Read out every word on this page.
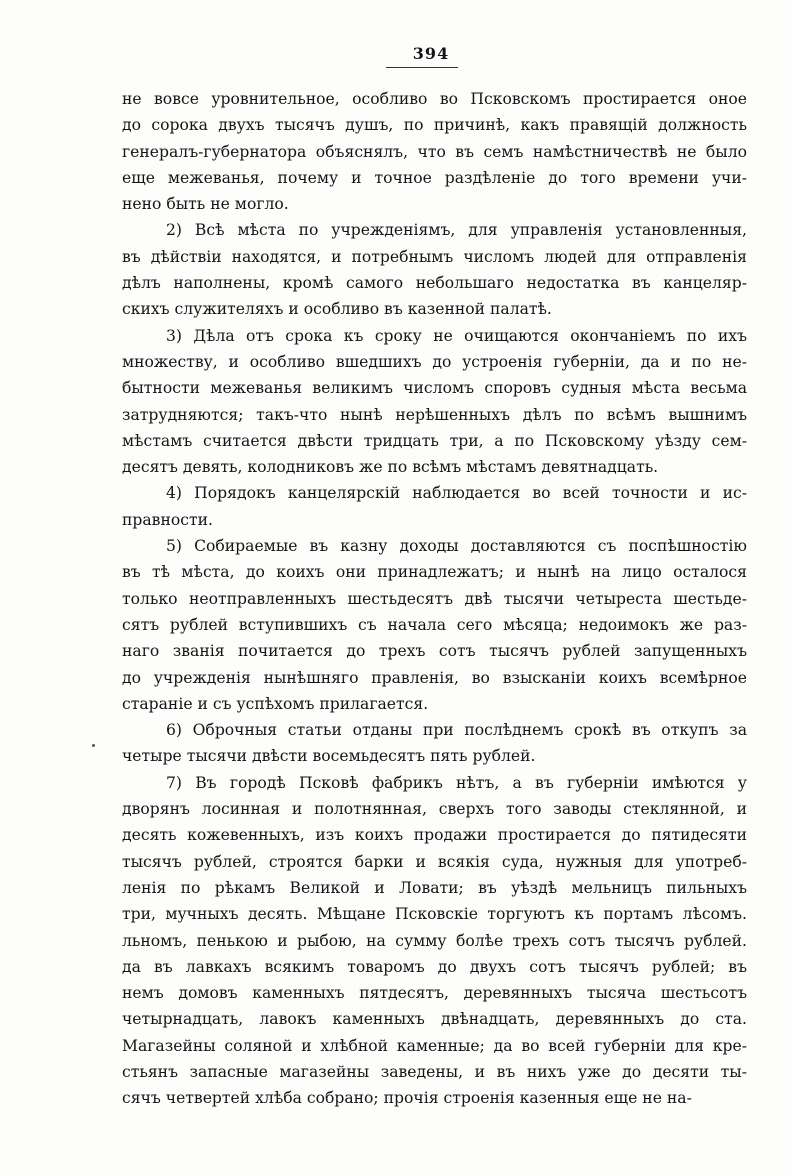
394
не вовсе уровнительное, особливо во Псковскомъ простирается оное
до сорока двухъ тысячъ душъ, по причинѣ, какъ правящій должность
генералъ-губернатора объяснялъ, что въ семъ намѣстничествѣ не было
еще межеванья, почему и точное раздѣленіе до того времени учи-
нено быть не могло.
2) Всѣ мѣста по учрежденіямъ, для управленія установленныя,
въ дѣйствіи находятся, и потребнымъ числомъ людей для отправленія
дѣлъ наполнены, кромѣ самого небольшаго недостатка въ канцеляр-
скихъ служителяхъ и особливо въ казенной палатѣ.
3) Дѣла отъ срока къ сроку не очищаются окончаніемъ по ихъ
множеству, и особливо вшедшихъ до устроенія губерніи, да и по не-
бытности межеванья великимъ числомъ споровъ судныя мѣста весьма
затрудняются; такъ-что нынѣ нерѣшенныхъ дѣлъ по всѣмъ вышнимъ
мѣстамъ считается двѣсти тридцать три, а по Псковскому уѣзду сем-
десятъ девять, колодниковъ же по всѣмъ мѣстамъ девятнадцать.
4) Порядокъ канцелярскій наблюдается во всей точности и ис-
правности.
5) Собираемые въ казну доходы доставляются съ поспѣшностію
въ тѣ мѣста, до коихъ они принадлежатъ; и нынѣ на лицо осталося
только неотправленныхъ шестьдесятъ двѣ тысячи четыреста шестьде-
сятъ рублей вступившихъ съ начала сего мѣсяца; недоимокъ же раз-
наго званія почитается до трехъ сотъ тысячъ рублей запущенныхъ
до учрежденія нынѣшняго правленія, во взысканіи коихъ всемѣрное
стараніе и съ успѣхомъ прилагается.
6) Оброчныя статьи отданы при послѣднемъ срокѣ въ откупъ за
четыре тысячи двѣсти восемьдесятъ пять рублей.
7) Въ городѣ Псковѣ фабрикъ нѣтъ, а въ губерніи имѣются у
дворянъ лосинная и полотнянная, сверхъ того заводы стеклянной, и
десять кожевенныхъ, изъ коихъ продажи простирается до пятидесяти
тысячъ рублей, строятся барки и всякія суда, нужныя для употреб-
ленія по рѣкамъ Великой и Ловати; въ уѣздѣ мельницъ пильныхъ
три, мучныхъ десять. Мѣщане Псковскіе торгуютъ къ портамъ лѣсомъ.
льномъ, пенькою и рыбою, на сумму болѣе трехъ сотъ тысячъ рублей.
да въ лавкахъ всякимъ товаромъ до двухъ сотъ тысячъ рублей; въ
немъ домовъ каменныхъ пятдесятъ, деревянныхъ тысяча шестьсотъ
четырнадцать, лавокъ каменныхъ двѣнадцать, деревянныхъ до ста.
Магазейны соляной и хлѣбной каменные; да во всей губерніи для кре-
стьянъ запасные магазейны заведены, и въ нихъ уже до десяти ты-
сячъ четвертей хлѣба собрано; прочія строенія казенныя еще не на-
